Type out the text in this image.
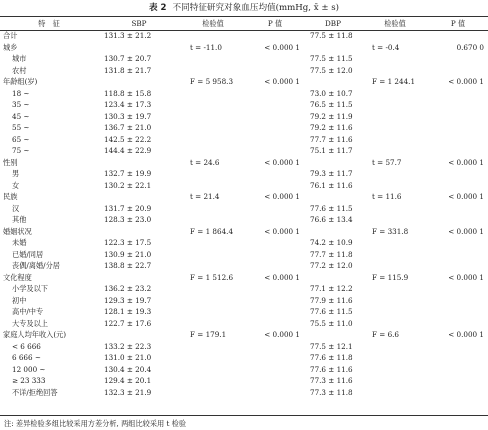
表 2 不同特征研究对象血压均值(mmHg, x̄ ± s)
特　征	SBP	检验值	P 值	DBP	检验值	P 值
合计	131.3 ± 21.2			77.5 ± 11.8		
城乡		t = -11.0	< 0.000 1		t = -0.4	0.670 0
城市	130.7 ± 20.7			77.5 ± 11.5		
农村	131.8 ± 21.7			77.5 ± 12.0		
年龄组(岁)		F = 5 958.3	< 0.000 1		F = 1 244.1	< 0.000 1
18 ~	118.8 ± 15.8			73.0 ± 10.7		
35 ~	123.4 ± 17.3			76.5 ± 11.5		
45 ~	130.3 ± 19.7			79.2 ± 11.9		
55 ~	136.7 ± 21.0			79.2 ± 11.6		
65 ~	142.5 ± 22.2			77.7 ± 11.6		
75 ~	144.4 ± 22.9			75.1 ± 11.7		
性别		t = 24.6	< 0.000 1		t = 57.7	< 0.000 1
男	132.7 ± 19.9			79.3 ± 11.7		
女	130.2 ± 22.1			76.1 ± 11.6		
民族		t = 21.4	< 0.000 1		t = 11.6	< 0.000 1
汉	131.7 ± 20.9			77.6 ± 11.5		
其他	128.3 ± 23.0			76.6 ± 13.4		
婚姻状况		F = 1 864.4	< 0.000 1		F = 331.8	< 0.000 1
未婚	122.3 ± 17.5			74.2 ± 10.9		
已婚/同居	130.9 ± 21.0			77.7 ± 11.8		
丧偶/离婚/分居	138.8 ± 22.7			77.2 ± 12.0		
文化程度		F = 1 512.6	< 0.000 1		F = 115.9	< 0.000 1
小学及以下	136.2 ± 23.2			77.1 ± 12.2		
初中	129.3 ± 19.7			77.9 ± 11.6		
高中/中专	128.1 ± 19.3			77.6 ± 11.5		
大专及以上	122.7 ± 17.6			75.5 ± 11.0		
家庭人均年收入(元)		F = 179.1	< 0.000 1		F = 6.6	< 0.000 1
< 6 666	133.2 ± 22.3			77.5 ± 12.1		
6 666 ~	131.0 ± 21.0			77.6 ± 11.8		
12 000 ~	130.4 ± 20.4			77.6 ± 11.6		
≥ 23 333	129.4 ± 20.1			77.3 ± 11.6		
不详/拒绝回答	132.3 ± 21.9			77.3 ± 11.8		
注: 差异检验多组比较采用方差分析, 两组比较采用 t 检验
